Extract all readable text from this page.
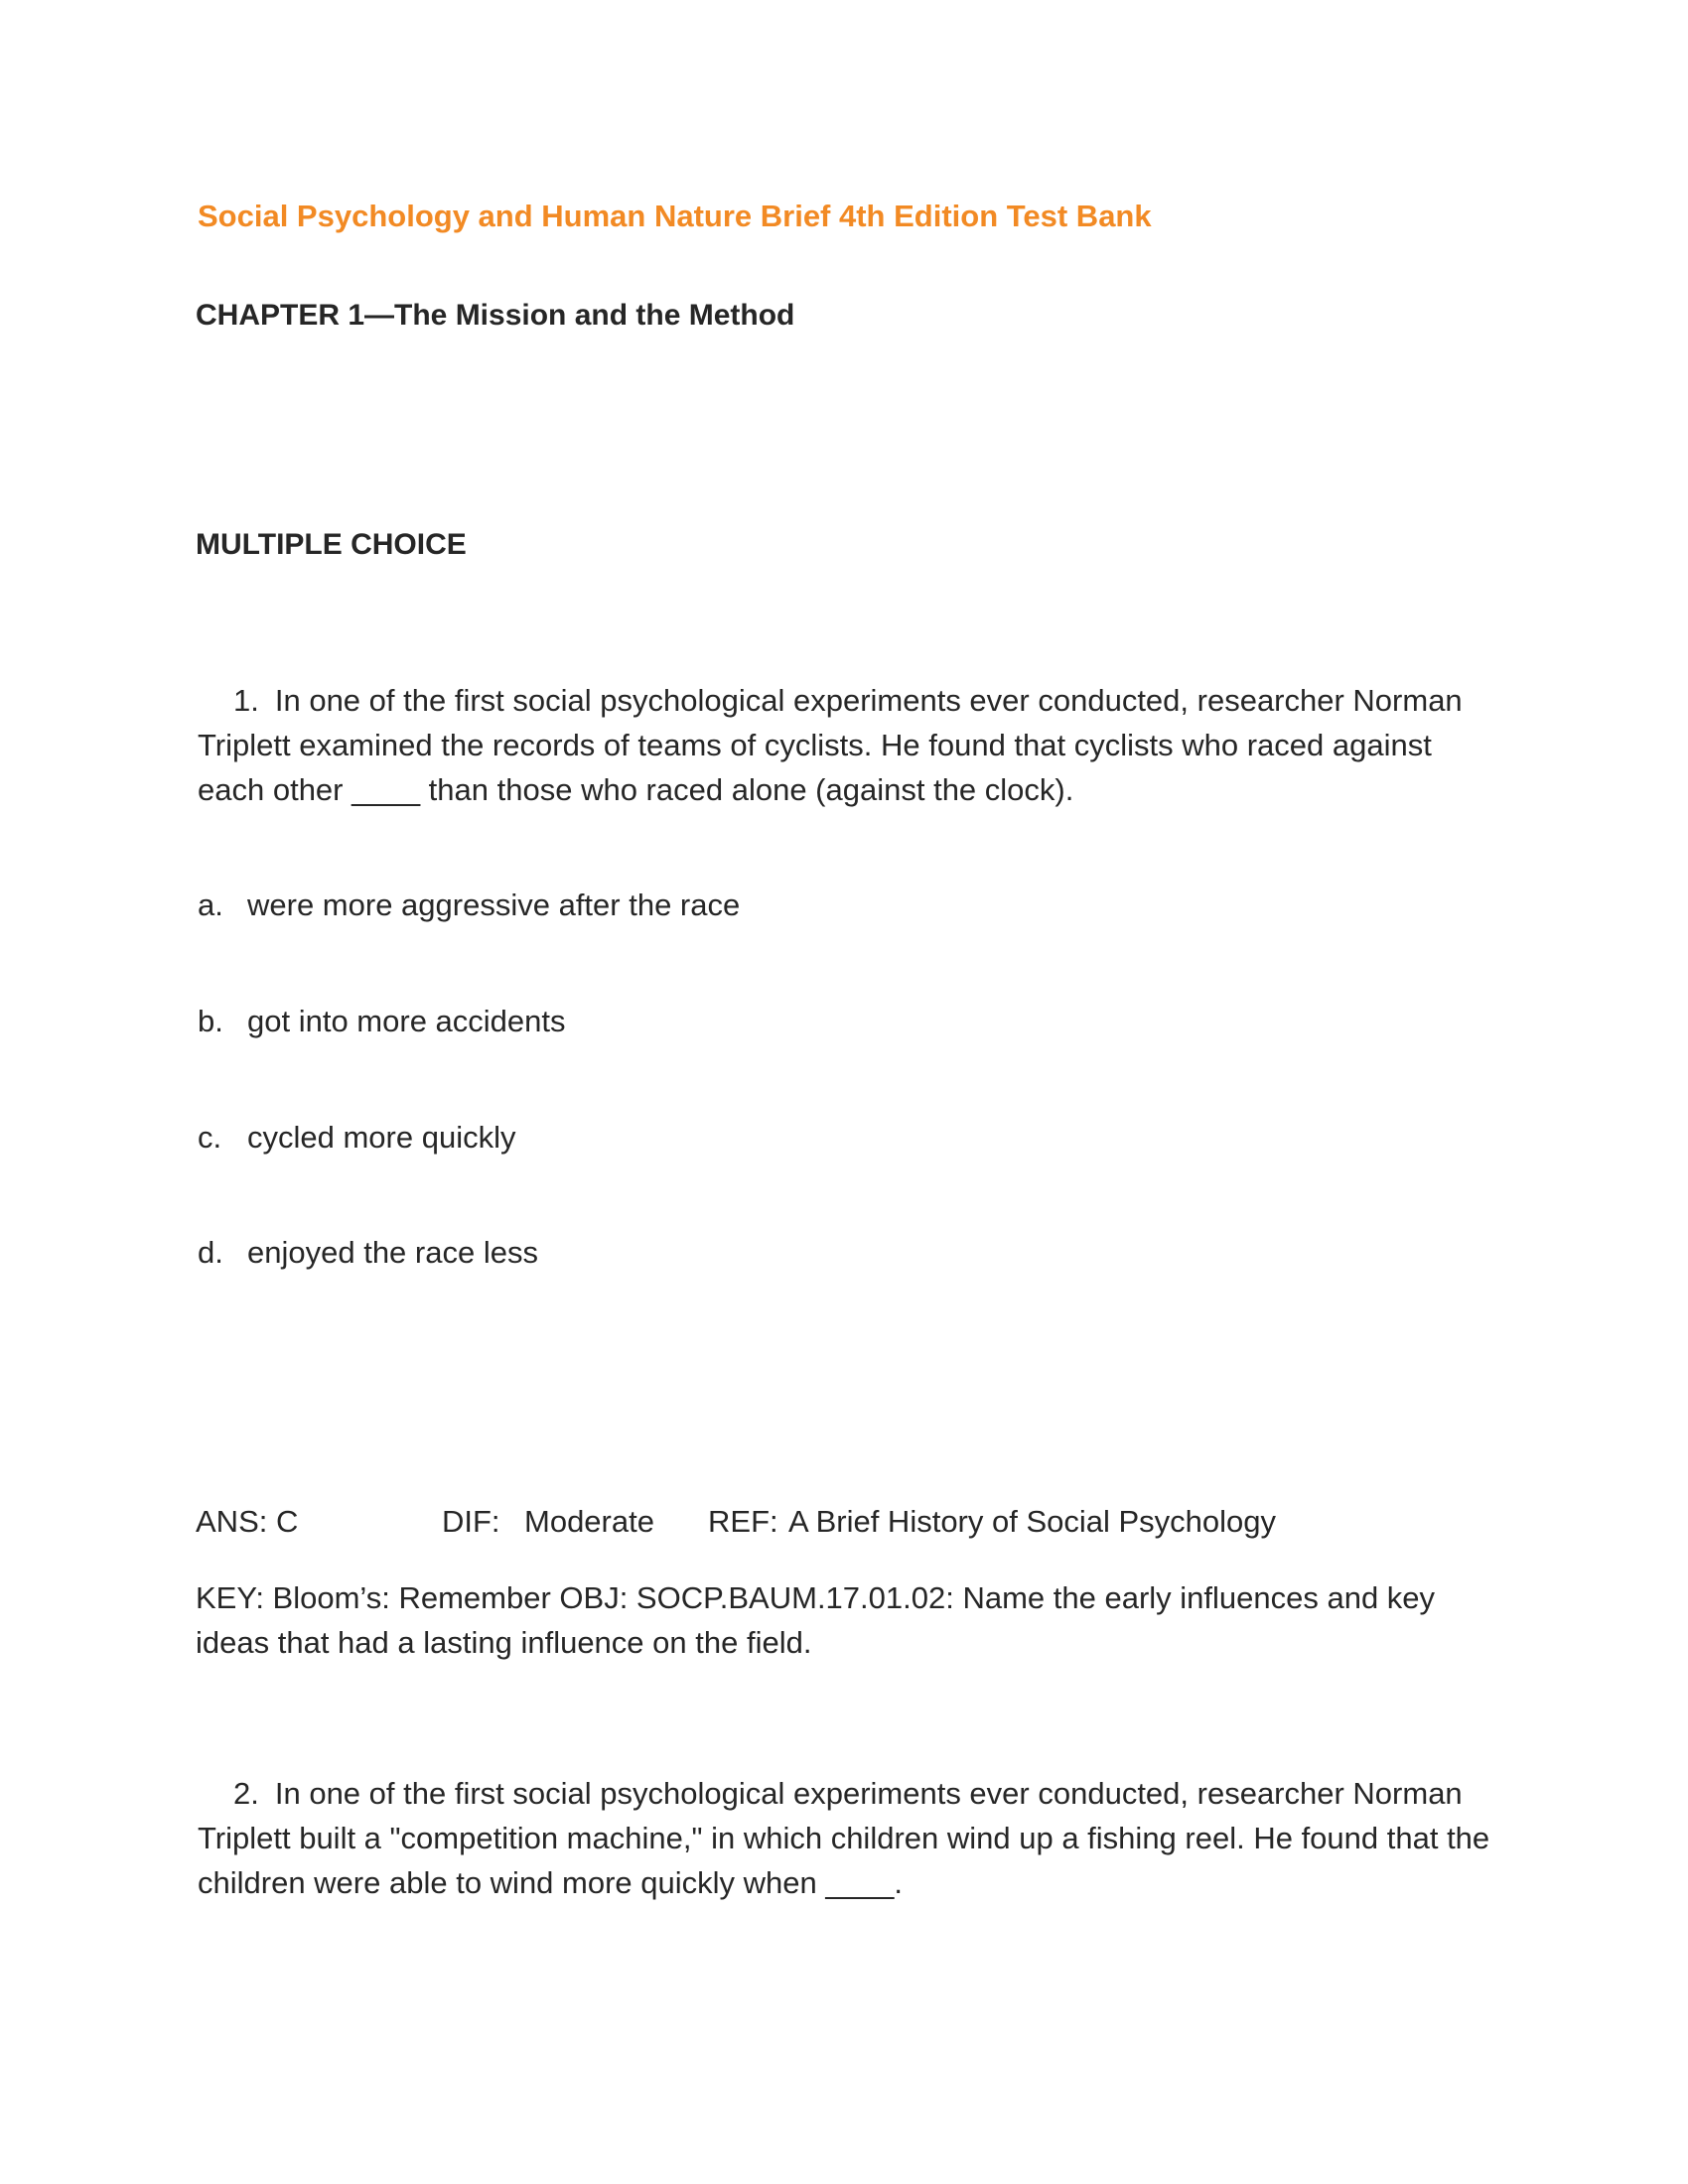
Social Psychology and Human Nature Brief 4th Edition Test Bank
CHAPTER 1—The Mission and the Method
MULTIPLE CHOICE

1. In one of the first social psychological experiments ever conducted, researcher Norman Triplett examined the records of teams of cyclists. He found that cyclists who raced against each other ____ than those who raced alone (against the clock).

a. were more aggressive after the race
b. got into more accidents
c. cycled more quickly
d. enjoyed the race less
ANS: C	DIF: Moderate REF: A Brief History of Social Psychology

KEY: Bloom’s: Remember OBJ: SOCP.BAUM.17.01.02: Name the early influences and key ideas that had a lasting influence on the field.

2. In one of the first social psychological experiments ever conducted, researcher Norman Triplett built a "competition machine," in which children wind up a fishing reel. He found that the children were able to wind more quickly when ____.
